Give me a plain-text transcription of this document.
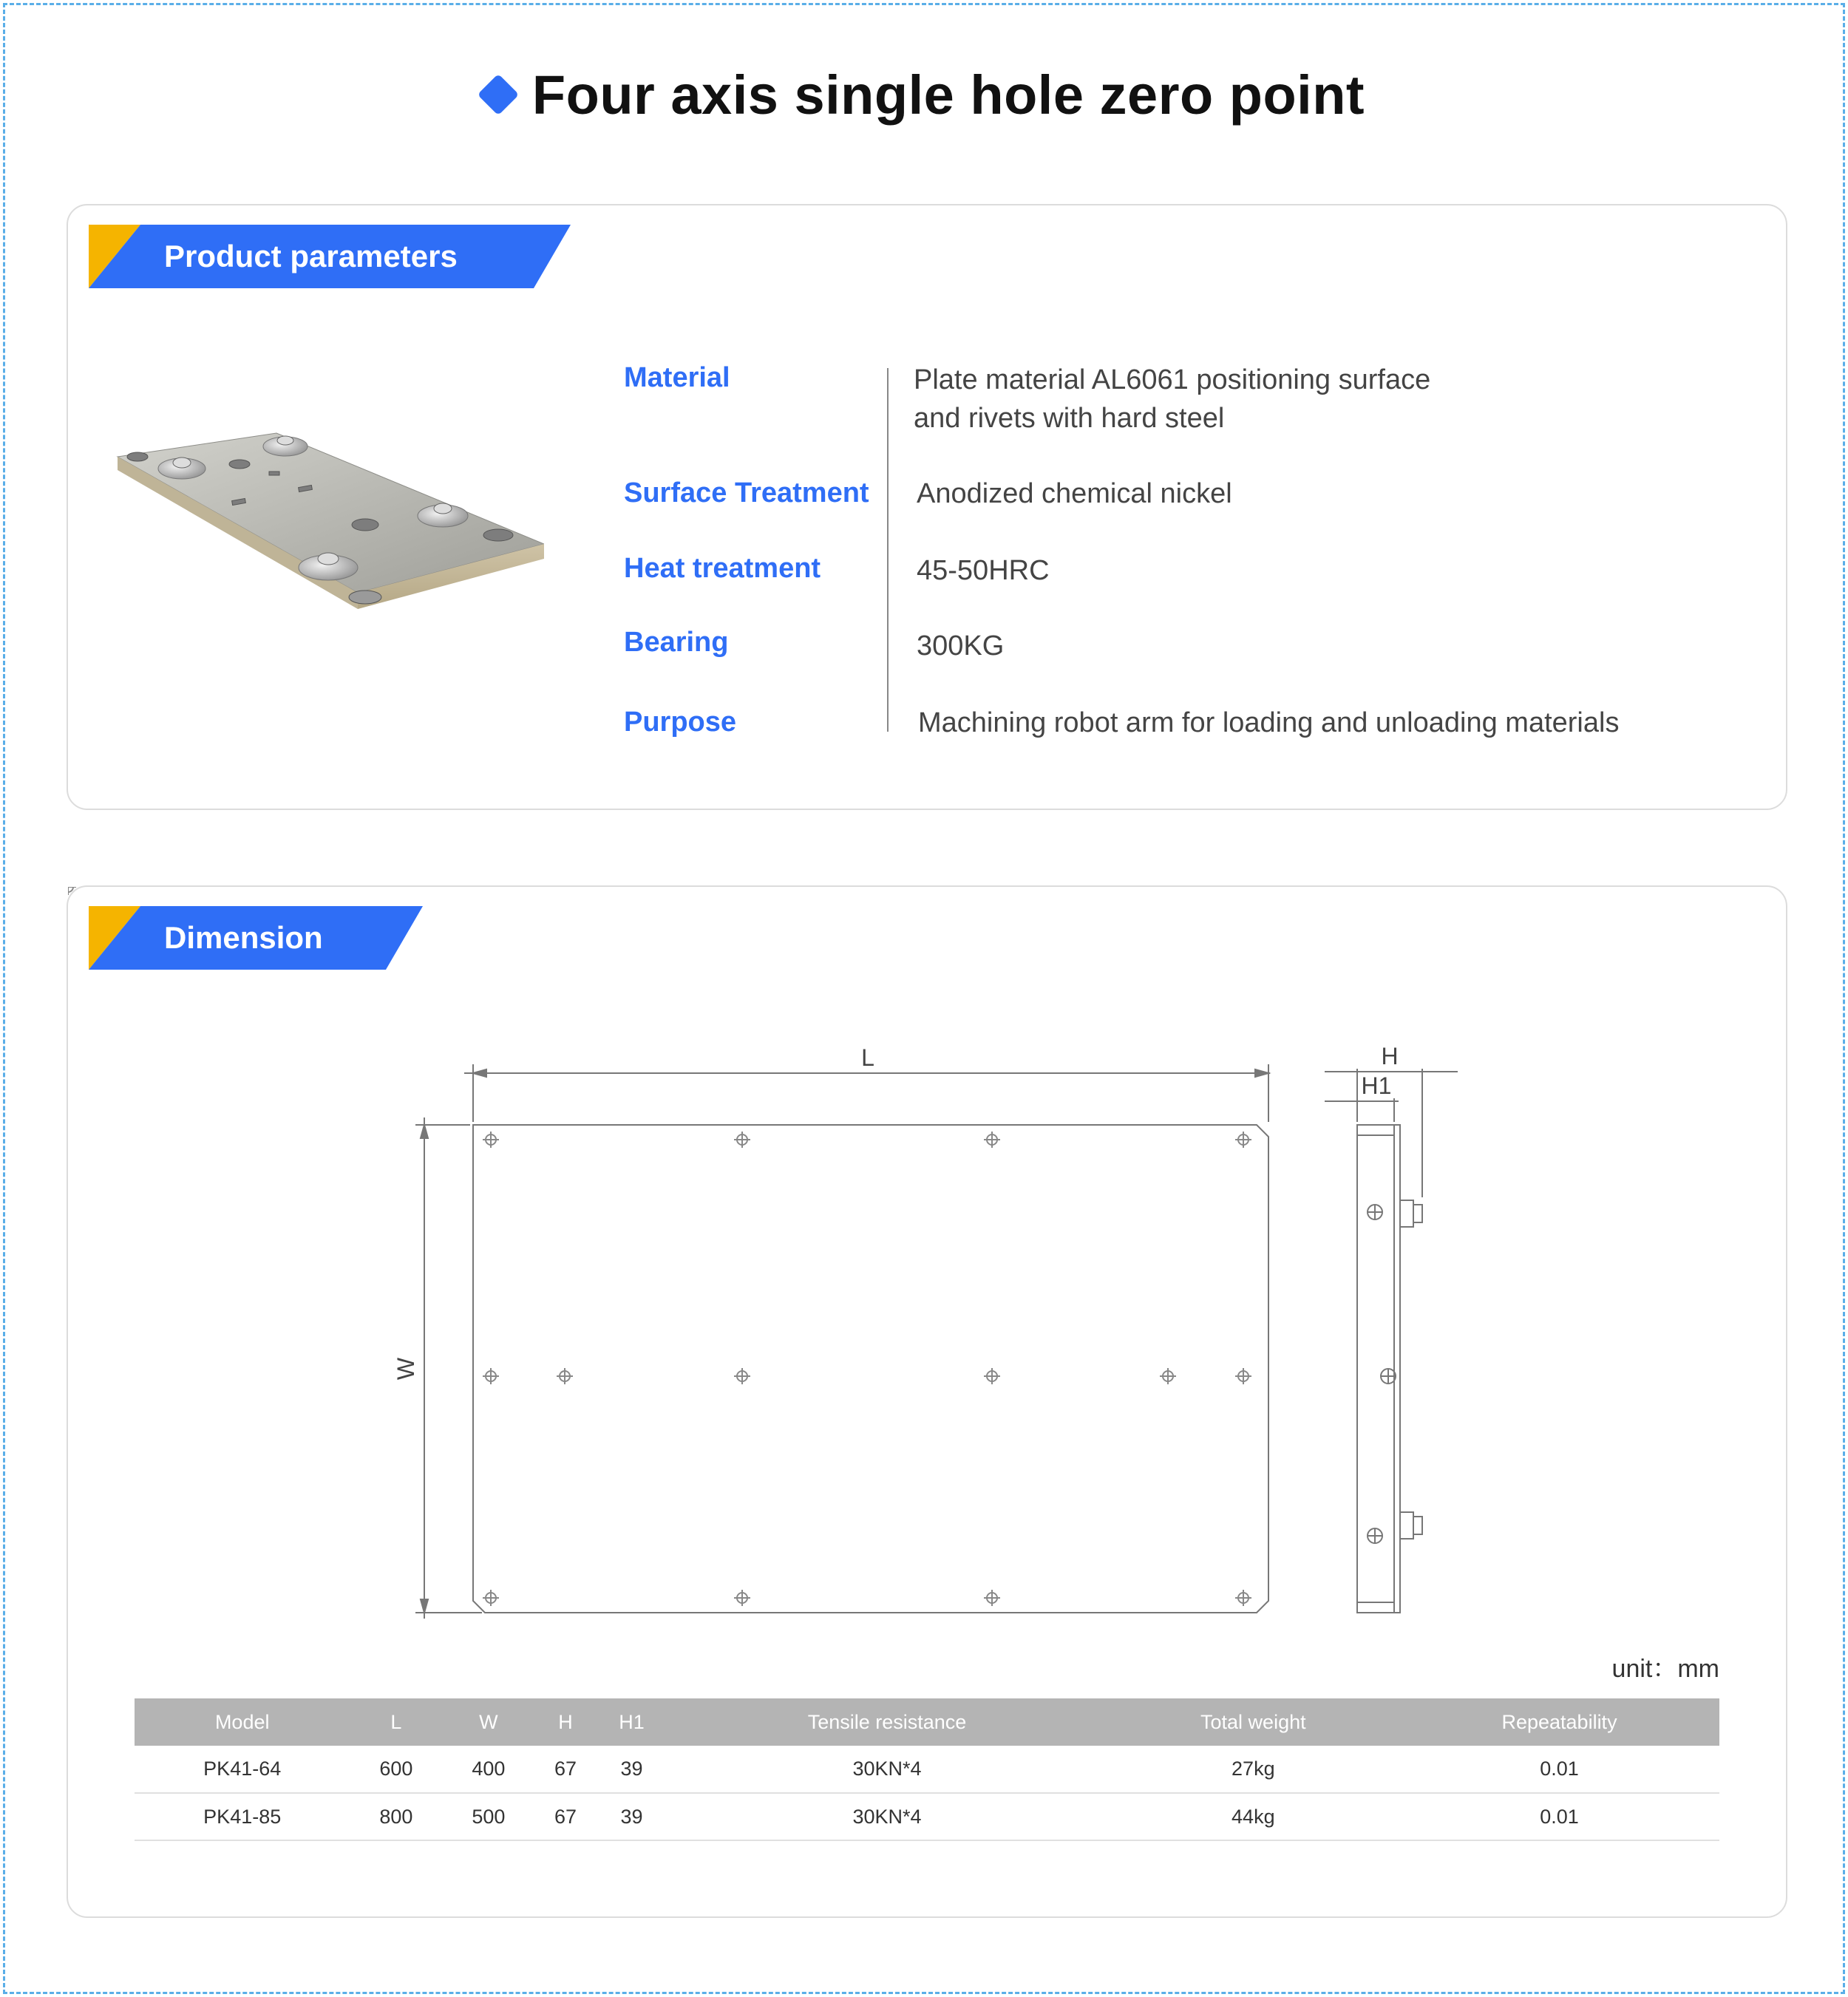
Four axis single hole zero point
Product parameters
Material	Plate material AL6061 positioning surface
and rivets with hard steel
Surface Treatment Anodized chemical nickel
Heat treatment	45-50HRC
Bearing	300KG
Purpose	Machining robot arm for loading and unloading materials
Dimension
L
W
H
H1
unit：mm
Model	L	W	H	H1	Tensile resistance	Total weight	Repeatability
PK41-64	600	400	67	39	30KN*4	27kg	0.01
PK41-85	800	500	67	39	30KN*4	44kg	0.01
